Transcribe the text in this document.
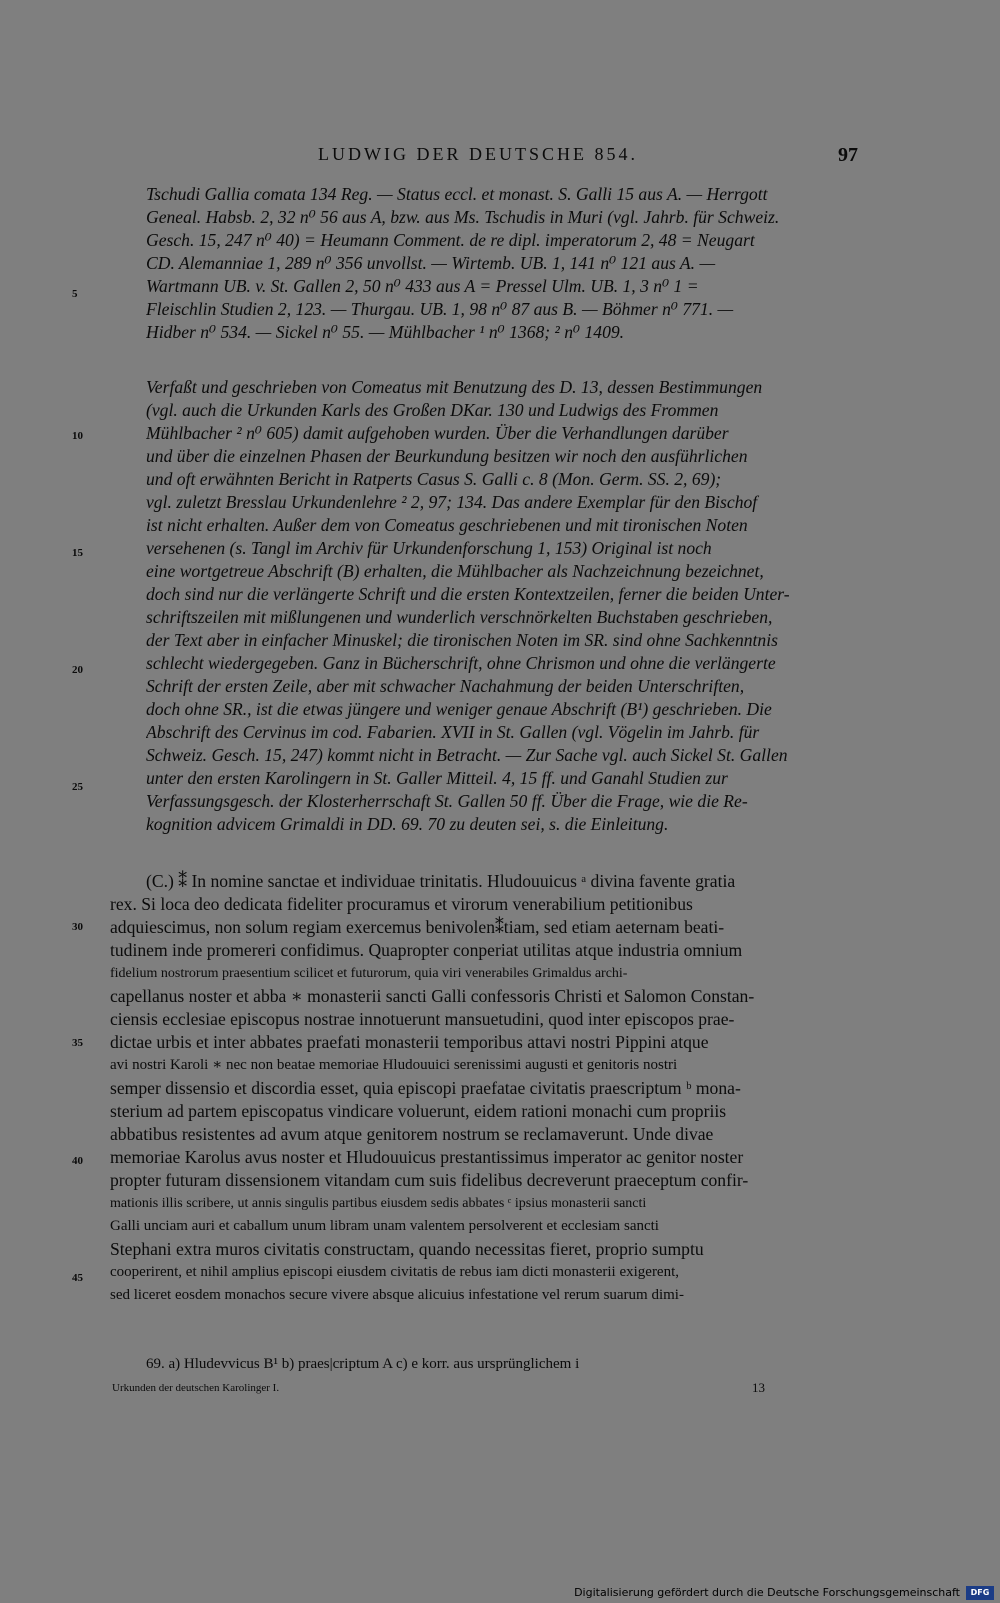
LUDWIG DER DEUTSCHE 854.	97
5
10
15
20
25
30
35
40
45
Tschudi Gallia comata 134 Reg. — Status eccl. et monast. S. Galli 15 aus A. — Herrgott
Geneal. Habsb. 2, 32 n⁰ 56 aus A, bzw. aus Ms. Tschudis in Muri (vgl. Jahrb. für Schweiz.
Gesch. 15, 247 n⁰ 40) = Heumann Comment. de re dipl. imperatorum 2, 48 = Neugart
CD. Alemanniae 1, 289 n⁰ 356 unvollst. — Wirtemb. UB. 1, 141 n⁰ 121 aus A. —
Wartmann UB. v. St. Gallen 2, 50 n⁰ 433 aus A = Pressel Ulm. UB. 1, 3 n⁰ 1 =
Fleischlin Studien 2, 123. — Thurgau. UB. 1, 98 n⁰ 87 aus B. — Böhmer n⁰ 771. —
Hidber n⁰ 534. — Sickel n⁰ 55. — Mühlbacher ¹ n⁰ 1368; ² n⁰ 1409.
Verfaßt und geschrieben von Comeatus mit Benutzung des D. 13, dessen Bestimmungen
(vgl. auch die Urkunden Karls des Großen DKar. 130 und Ludwigs des Frommen
Mühlbacher ² n⁰ 605) damit aufgehoben wurden. Über die Verhandlungen darüber
und über die einzelnen Phasen der Beurkundung besitzen wir noch den ausführlichen
und oft erwähnten Bericht in Ratperts Casus S. Galli c. 8 (Mon. Germ. SS. 2, 69);
vgl. zuletzt Bresslau Urkundenlehre ² 2, 97; 134. Das andere Exemplar für den Bischof
ist nicht erhalten. Außer dem von Comeatus geschriebenen und mit tironischen Noten
versehenen (s. Tangl im Archiv für Urkundenforschung 1, 153) Original ist noch
eine wortgetreue Abschrift (B) erhalten, die Mühlbacher als Nachzeichnung bezeichnet,
doch sind nur die verlängerte Schrift und die ersten Kontextzeilen, ferner die beiden Unter-
schriftszeilen mit mißlungenen und wunderlich verschnörkelten Buchstaben geschrieben,
der Text aber in einfacher Minuskel; die tironischen Noten im SR. sind ohne Sachkenntnis
schlecht wiedergegeben. Ganz in Bücherschrift, ohne Chrismon und ohne die verlängerte
Schrift der ersten Zeile, aber mit schwacher Nachahmung der beiden Unterschriften,
doch ohne SR., ist die etwas jüngere und weniger genaue Abschrift (B¹) geschrieben. Die
Abschrift des Cervinus im cod. Fabarien. XVII in St. Gallen (vgl. Vögelin im Jahrb. für
Schweiz. Gesch. 15, 247) kommt nicht in Betracht. — Zur Sache vgl. auch Sickel St. Gallen
unter den ersten Karolingern in St. Galler Mitteil. 4, 15 ff. und Ganahl Studien zur
Verfassungsgesch. der Klosterherrschaft St. Gallen 50 ff. Über die Frage, wie die Re-
kognition advicem Grimaldi in DD. 69. 70 zu deuten sei, s. die Einleitung.
(C.) ⁑ In nomine sanctae et individuae trinitatis. Hludouuicus ᵃ divina favente gratia
rex. Si loca deo dedicata fideliter procuramus et virorum venerabilium petitionibus
adquiescimus, non solum regiam exercemus benivolen⁑tiam, sed etiam aeternam beati-
tudinem inde promereri confidimus. Quapropter conperiat utilitas atque industria omnium
fidelium nostrorum praesentium scilicet et futurorum, quia viri venerabiles Grimaldus archi-
capellanus noster et abba ∗ monasterii sancti Galli confessoris Christi et Salomon Constan-
ciensis ecclesiae episcopus nostrae innotuerunt mansuetudini, quod inter episcopos prae-
dictae urbis et inter abbates praefati monasterii temporibus attavi nostri Pippini atque
avi nostri Karoli ∗ nec non beatae memoriae Hludouuici serenissimi augusti et genitoris nostri
semper dissensio et discordia esset, quia episcopi praefatae civitatis praescriptum ᵇ mona-
sterium ad partem episcopatus vindicare voluerunt, eidem rationi monachi cum propriis
abbatibus resistentes ad avum atque genitorem nostrum se reclamaverunt. Unde divae
memoriae Karolus avus noster et Hludouuicus prestantissimus imperator ac genitor noster
propter futuram dissensionem vitandam cum suis fidelibus decreverunt praeceptum confir-
mationis illis scribere, ut annis singulis partibus eiusdem sedis abbates ᶜ ipsius monasterii sancti
Galli unciam auri et caballum unum libram unam valentem persolverent et ecclesiam sancti
Stephani extra muros civitatis constructam, quando necessitas fieret, proprio sumptu
cooperirent, et nihil amplius episcopi eiusdem civitatis de rebus iam dicti monasterii exigerent,
sed liceret eosdem monachos secure vivere absque alicuius infestatione vel rerum suarum dimi-
69. a) Hludevvicus B¹ b) praes|criptum A c) e korr. aus ursprünglichem i
Urkunden der deutschen Karolinger I.	13
Digitalisierung gefördert durch die Deutsche Forschungsgemeinschaft	DFG
